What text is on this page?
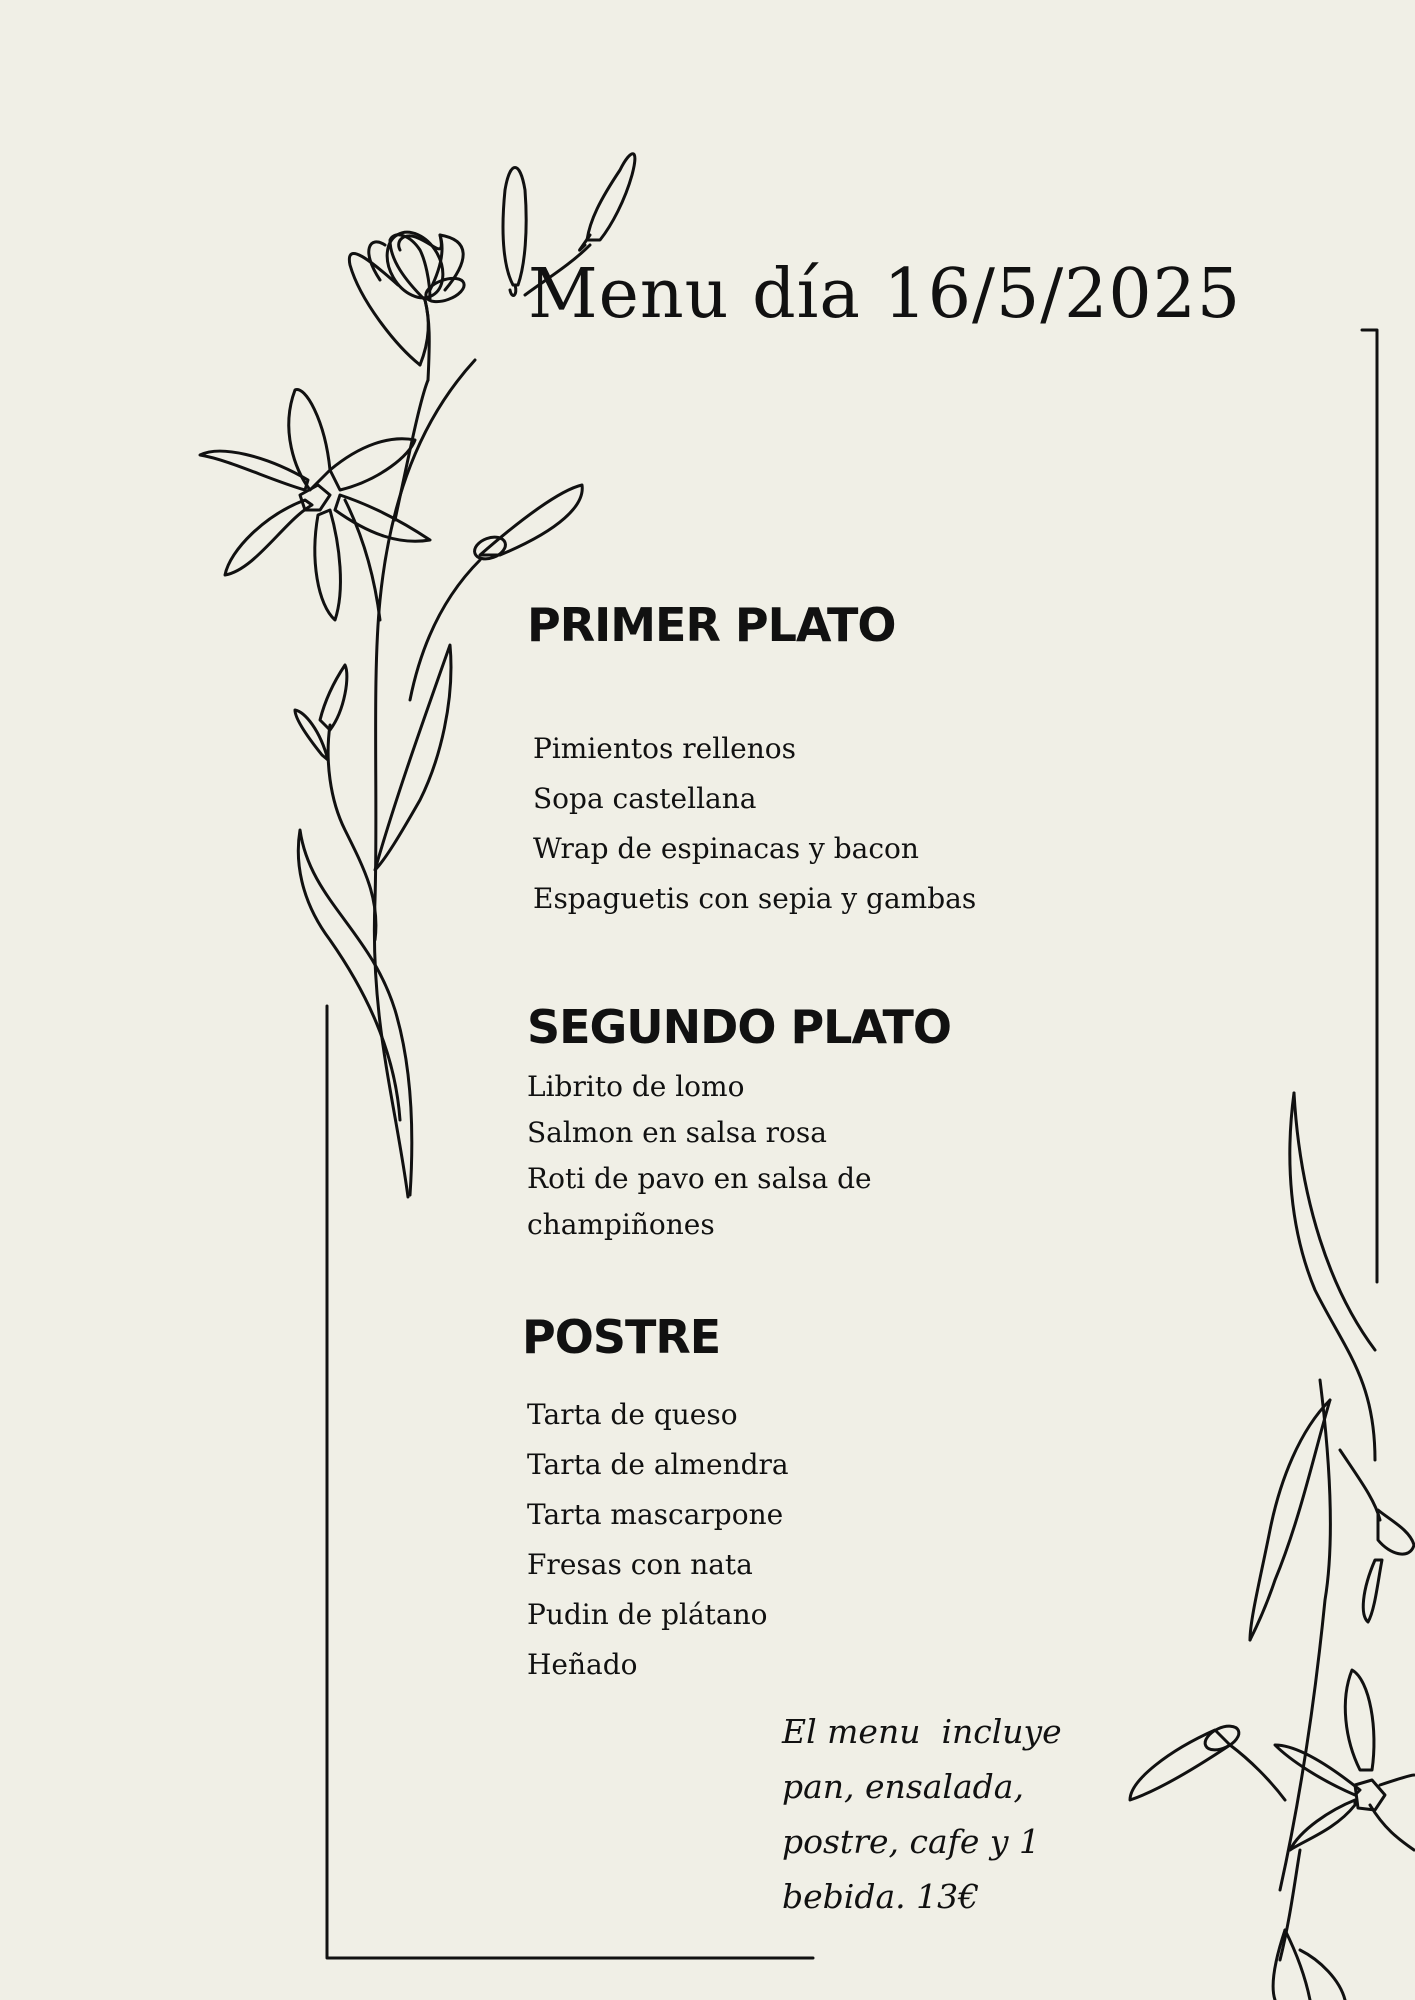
Menu día 16/5/2025
PRIMER PLATO
Pimientos rellenos
Sopa castellana
Wrap de espinacas y bacon
Espaguetis con sepia y gambas
SEGUNDO PLATO
Librito de lomo
Salmon en salsa rosa
Roti de pavo en salsa de
champiñones
POSTRE
Tarta de queso
Tarta de almendra
Tarta mascarpone
Fresas con nata
Pudin de plátano
Heñado
El menu  incluye
pan, ensalada,
postre, cafe y 1
bebida. 13€
